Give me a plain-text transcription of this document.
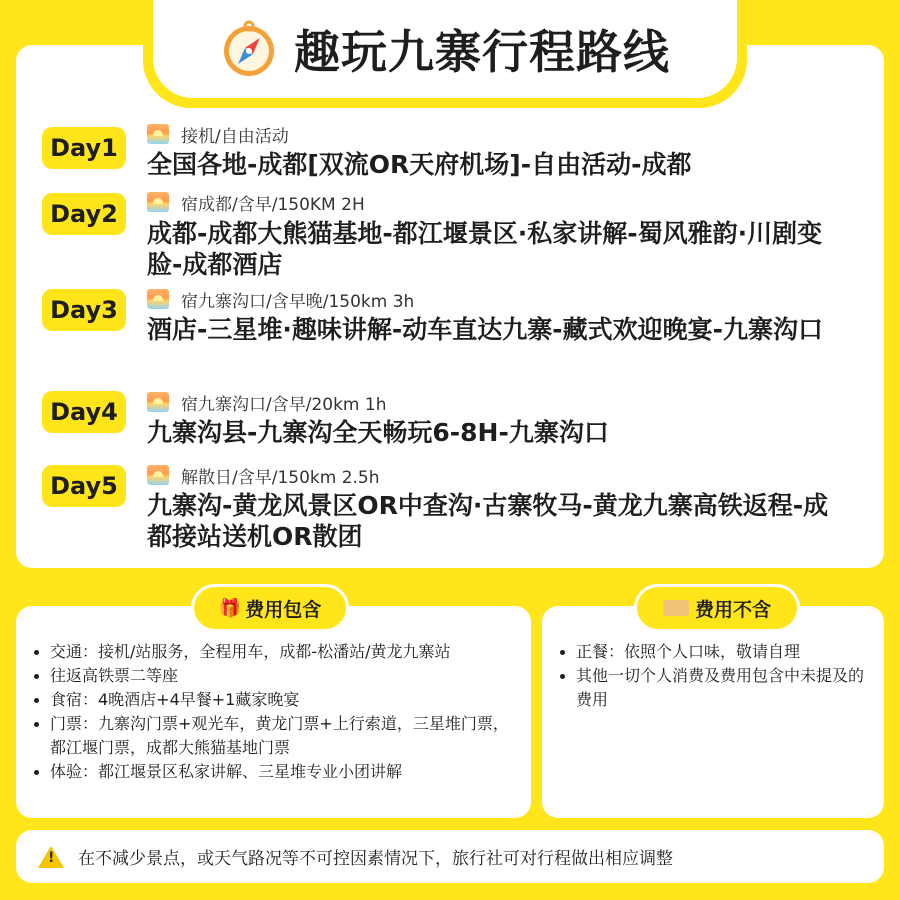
趣玩九寨行程路线
Day1	接机/自由活动
全国各地-成都[双流OR天府机场]-自由活动-成都
Day2	宿成都/含早/150KM 2H
成都-成都大熊猫基地-都江堰景区·私家讲解-蜀风雅韵·川剧变脸-成都酒店
Day3	宿九寨沟口/含早晚/150km 3h
酒店-三星堆·趣味讲解-动车直达九寨-藏式欢迎晚宴-九寨沟口
Day4	宿九寨沟口/含早/20km 1h
九寨沟县-九寨沟全天畅玩6-8H-九寨沟口
Day5	解散日/含早/150km 2.5h
九寨沟-黄龙风景区OR中查沟·古寨牧马-黄龙九寨高铁返程-成都接站送机OR散团
交通：接机/站服务，全程用车，成都-松潘站/黄龙九寨站
往返高铁票二等座
食宿：4晚酒店+4早餐+1藏家晚宴
门票：九寨沟门票+观光车，黄龙门票+上行索道，三星堆门票，都江堰门票，成都大熊猫基地门票
体验：都江堰景区私家讲解、三星堆专业小团讲解
🎁 费用包含
正餐：依照个人口味，敬请自理
其他一切个人消费及费用包含中未提及的费用
费用不含
!
在不减少景点，或天气路况等不可控因素情况下，旅行社可对行程做出相应调整
